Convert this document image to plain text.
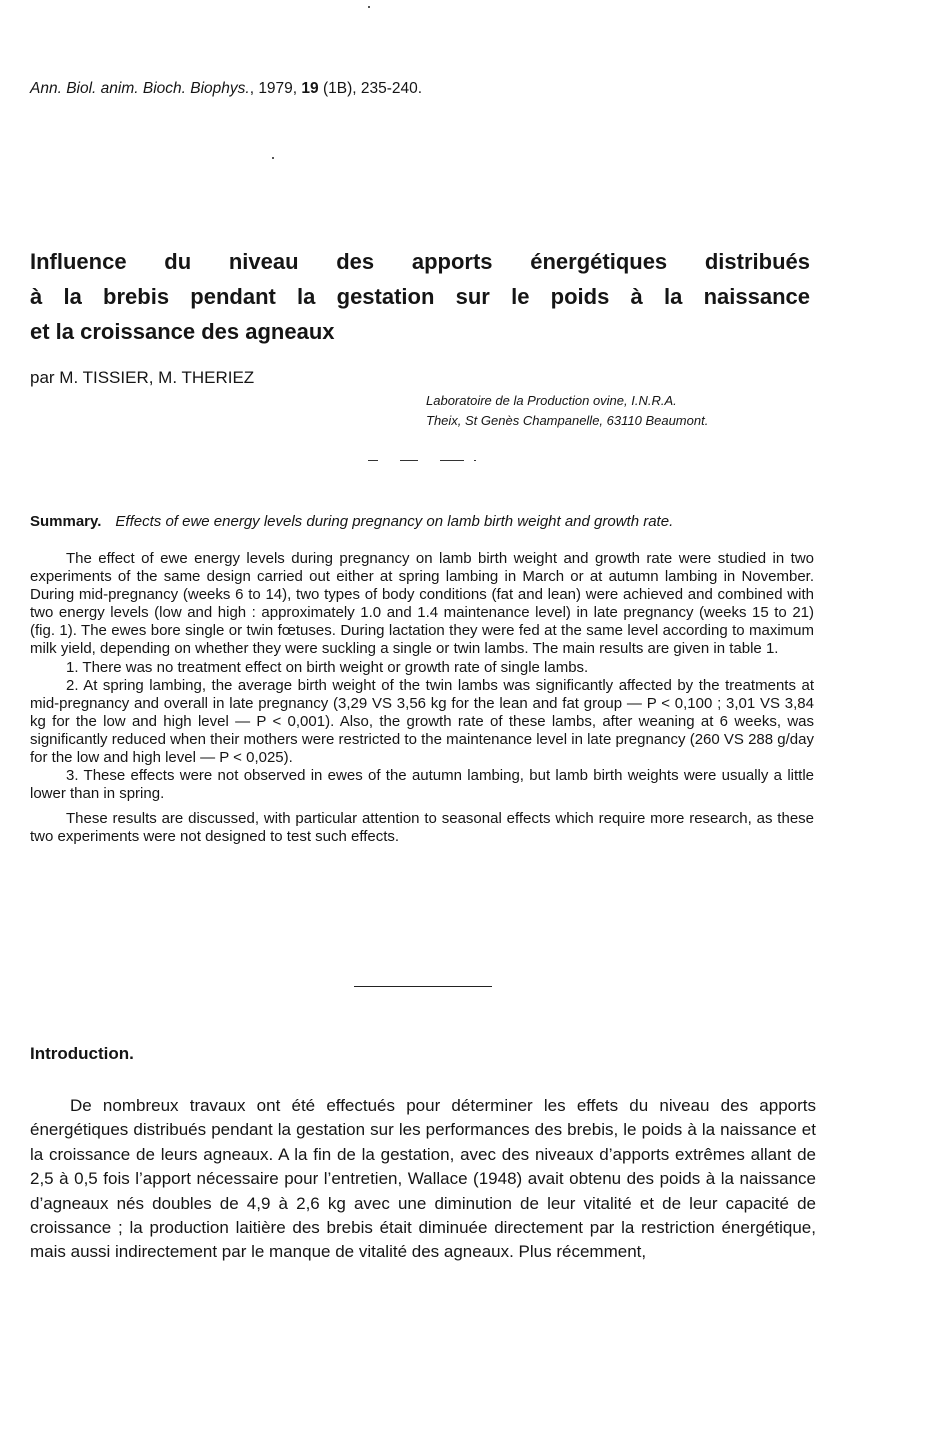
Ann. Biol. anim. Bioch. Biophys., 1979, 19 (1B), 235-240.
Influence du niveau des apports énergétiques distribués
à la brebis pendant la gestation sur le poids à la naissance
et la croissance des agneaux
par M. TISSIER, M. THERIEZ
Laboratoire de la Production ovine, I.N.R.A.
Theix, St Genès Champanelle, 63110 Beaumont.
Summary. Effects of ewe energy levels during pregnancy on lamb birth weight and growth rate.

The effect of ewe energy levels during pregnancy on lamb birth weight and growth rate were studied in two experiments of the same design carried out either at spring lambing in March or at autumn lambing in November. During mid-pregnancy (weeks 6 to 14), two types of body conditions (fat and lean) were achieved and combined with two energy levels (low and high : approximately 1.0 and 1.4 maintenance level) in late pregnancy (weeks 15 to 21) (fig. 1). The ewes bore single or twin fœtuses. During lactation they were fed at the same level according to maximum milk yield, depending on whether they were suckling a single or twin lambs. The main results are given in table 1.

1. There was no treatment effect on birth weight or growth rate of single lambs.

2. At spring lambing, the average birth weight of the twin lambs was significantly affected by the treatments at mid-pregnancy and overall in late pregnancy (3,29 VS 3,56 kg for the lean and fat group — P < 0,100 ; 3,01 VS 3,84 kg for the low and high level — P < 0,001). Also, the growth rate of these lambs, after weaning at 6 weeks, was significantly reduced when their mothers were restricted to the maintenance level in late pregnancy (260 VS 288 g/day for the low and high level — P < 0,025).

3. These effects were not observed in ewes of the autumn lambing, but lamb birth weights were usually a little lower than in spring.

These results are discussed, with particular attention to seasonal effects which require more research, as these two experiments were not designed to test such effects.

Introduction.

De nombreux travaux ont été effectués pour déterminer les effets du niveau des apports énergétiques distribués pendant la gestation sur les performances des brebis, le poids à la naissance et la croissance de leurs agneaux. A la fin de la gestation, avec des niveaux d’apports extrêmes allant de 2,5 à 0,5 fois l’apport nécessaire pour l’entretien, Wallace (1948) avait obtenu des poids à la naissance d’agneaux nés doubles de 4,9 à 2,6 kg avec une diminution de leur vitalité et de leur capacité de croissance ; la production laitière des brebis était diminuée directement par la restriction énergétique, mais aussi indirectement par le manque de vitalité des agneaux. Plus récemment,
